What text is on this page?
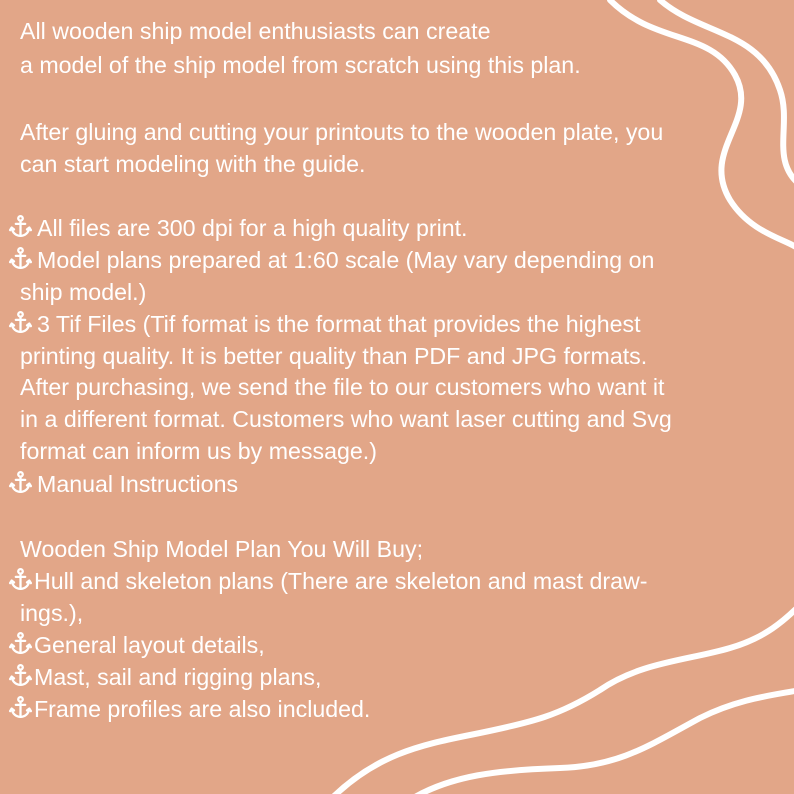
All wooden ship model enthusiasts can create
a model of the ship model from scratch using this plan.
After gluing and cutting your printouts to the wooden plate, you
can start modeling with the guide.
All files are 300 dpi for a high quality print.
Model plans prepared at 1:60 scale (May vary depending on
ship model.)
3 Tif Files (Tif format is the format that provides the highest
printing quality. It is better quality than PDF and JPG formats.
After purchasing, we send the file to our customers who want it
in a different format. Customers who want laser cutting and Svg
format can inform us by message.)
Manual Instructions
Wooden Ship Model Plan You Will Buy;
Hull and skeleton plans (There are skeleton and mast draw-
ings.),
General layout details,
Mast, sail and rigging plans,
Frame profiles are also included.
